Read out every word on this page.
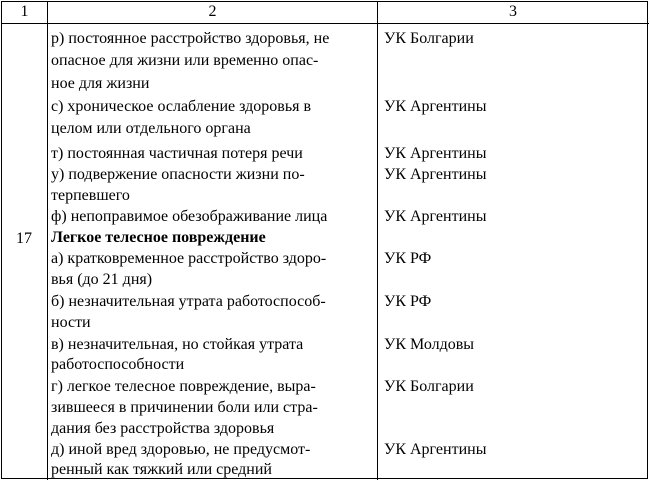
1	2	3
17
р) постоянное расстройство здоровья, не
опасное для жизни или временно опас-
ное для жизни
с) хроническое ослабление здоровья в
целом или отдельного органа
т) постоянная частичная потеря речи
у) подвержение опасности жизни по-
терпевшего
ф) непоправимое обезображивание лица
Легкое телесное повреждение
а) кратковременное расстройство здоро-
вья (до 21 дня)
б) незначительная утрата работоспособ-
ности
в) незначительная, но стойкая утрата
работоспособности
г) легкое телесное повреждение, выра-
зившееся в причинении боли или стра-
дания без расстройства здоровья
д) иной вред здоровью, не предусмот-
ренный как тяжкий или средний
УК Болгарии
УК Аргентины
УК Аргентины
УК Аргентины
УК Аргентины
УК РФ
УК РФ
УК Молдовы
УК Болгарии
УК Аргентины
